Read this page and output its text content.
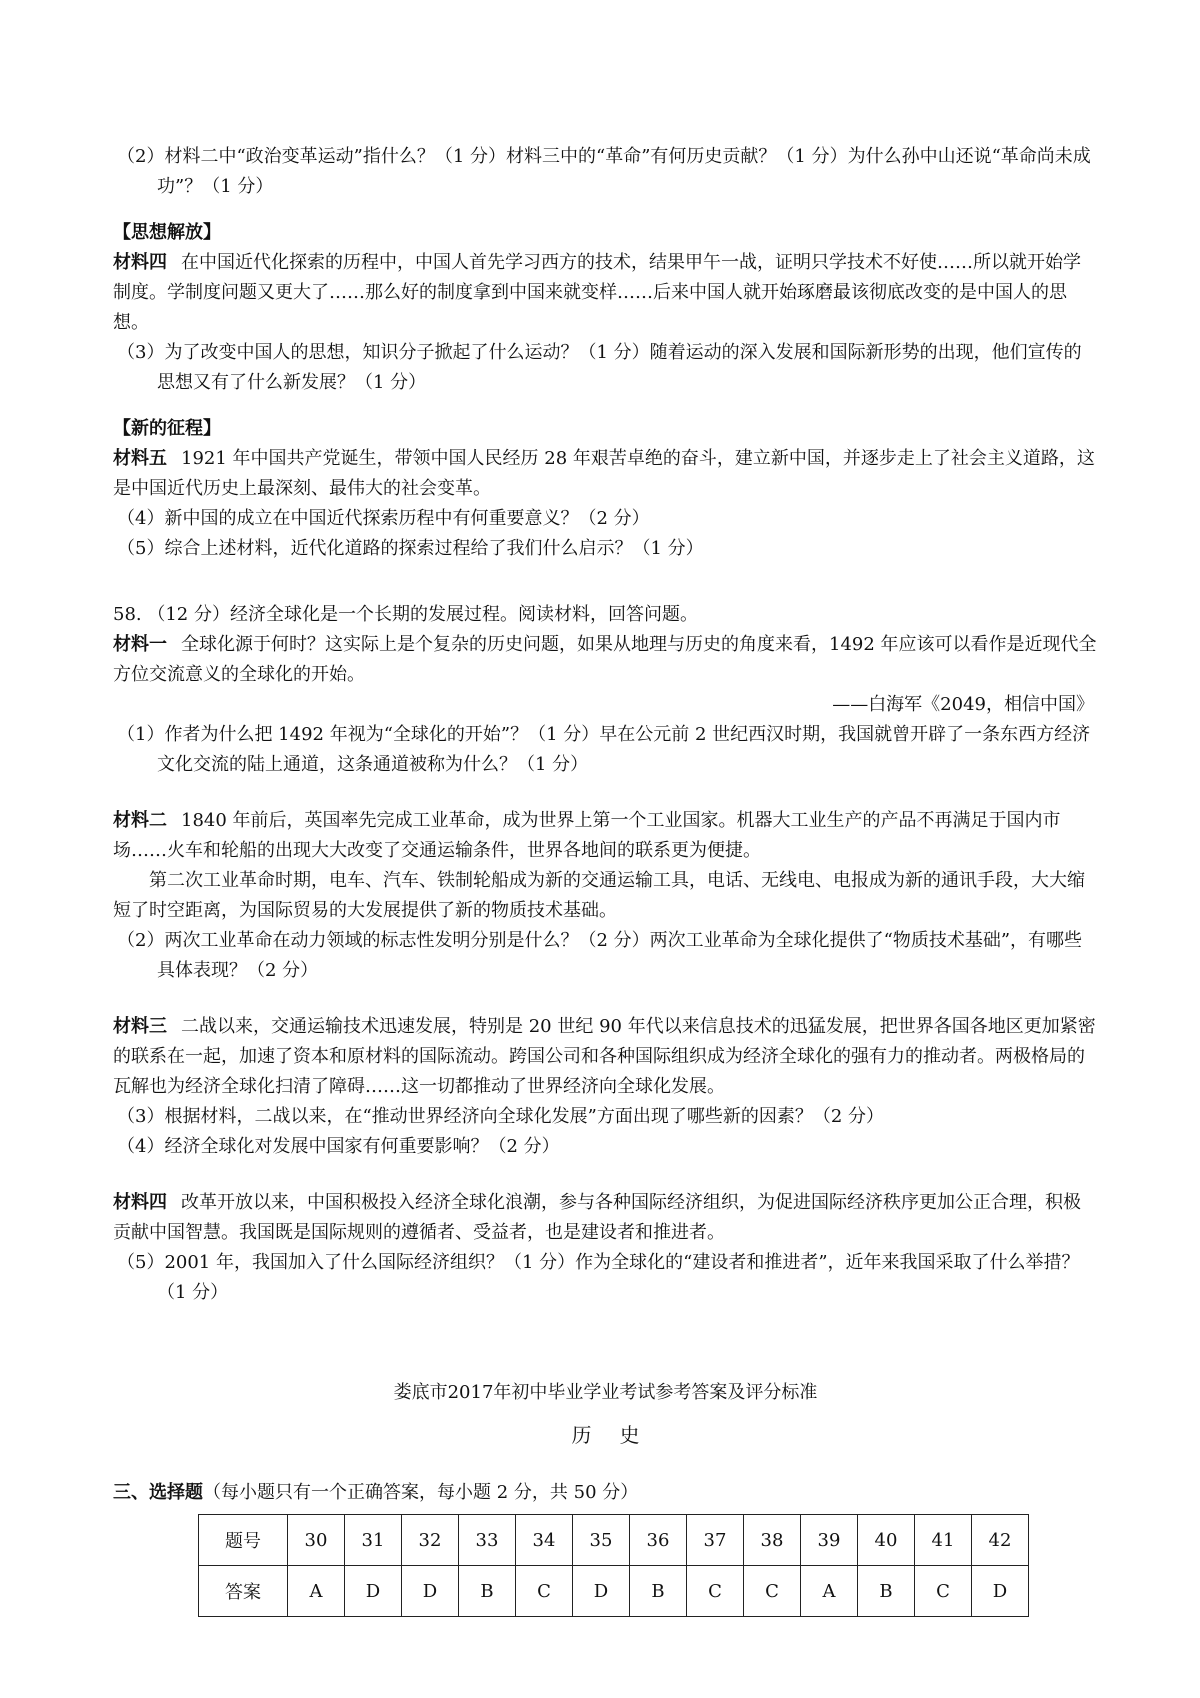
（2）材料二中“政治变革运动”指什么？（1 分）材料三中的“革命”有何历史贡献？（1 分）为什么孙中山还说“革命尚未成功”？（1 分）

【思想解放】

材料四 在中国近代化探索的历程中，中国人首先学习西方的技术，结果甲午一战，证明只学技术不好使……所以就开始学制度。学制度问题又更大了……那么好的制度拿到中国来就变样……后来中国人就开始琢磨最该彻底改变的是中国人的思想。

（3）为了改变中国人的思想，知识分子掀起了什么运动？（1 分）随着运动的深入发展和国际新形势的出现，他们宣传的思想又有了什么新发展？（1 分）

【新的征程】

材料五 1921 年中国共产党诞生，带领中国人民经历 28 年艰苦卓绝的奋斗，建立新中国，并逐步走上了社会主义道路，这是中国近代历史上最深刻、最伟大的社会变革。

（4）新中国的成立在中国近代探索历程中有何重要意义？（2 分）

（5）综合上述材料，近代化道路的探索过程给了我们什么启示？（1 分）

58. （12 分）经济全球化是一个长期的发展过程。阅读材料，回答问题。

材料一 全球化源于何时？这实际上是个复杂的历史问题，如果从地理与历史的角度来看，1492 年应该可以看作是近现代全方位交流意义的全球化的开始。

——白海军《2049，相信中国》

（1）作者为什么把 1492 年视为“全球化的开始”？（1 分）早在公元前 2 世纪西汉时期，我国就曾开辟了一条东西方经济文化交流的陆上通道，这条通道被称为什么？（1 分）

材料二 1840 年前后，英国率先完成工业革命，成为世界上第一个工业国家。机器大工业生产的产品不再满足于国内市场……火车和轮船的出现大大改变了交通运输条件，世界各地间的联系更为便捷。

第二次工业革命时期，电车、汽车、铁制轮船成为新的交通运输工具，电话、无线电、电报成为新的通讯手段，大大缩短了时空距离，为国际贸易的大发展提供了新的物质技术基础。

（2）两次工业革命在动力领域的标志性发明分别是什么？（2 分）两次工业革命为全球化提供了“物质技术基础”，有哪些具体表现？（2 分）

材料三 二战以来，交通运输技术迅速发展，特别是 20 世纪 90 年代以来信息技术的迅猛发展，把世界各国各地区更加紧密的联系在一起，加速了资本和原材料的国际流动。跨国公司和各种国际组织成为经济全球化的强有力的推动者。两极格局的瓦解也为经济全球化扫清了障碍……这一切都推动了世界经济向全球化发展。

（3）根据材料，二战以来，在“推动世界经济向全球化发展”方面出现了哪些新的因素？（2 分）

（4）经济全球化对发展中国家有何重要影响？（2 分）

材料四 改革开放以来，中国积极投入经济全球化浪潮，参与各种国际经济组织，为促进国际经济秩序更加公正合理，积极贡献中国智慧。我国既是国际规则的遵循者、受益者，也是建设者和推进者。

（5）2001 年，我国加入了什么国际经济组织？（1 分）作为全球化的“建设者和推进者”，近年来我国采取了什么举措？（1 分）

娄底市2017年初中毕业学业考试参考答案及评分标准

历史

三、选择题（每小题只有一个正确答案，每小题 2 分，共 50 分）

题号	30	31	32	33	34	35	36	37	38	39	40	41	42
答案	A	D	D	B	C	D	B	C	C	A	B	C	D
